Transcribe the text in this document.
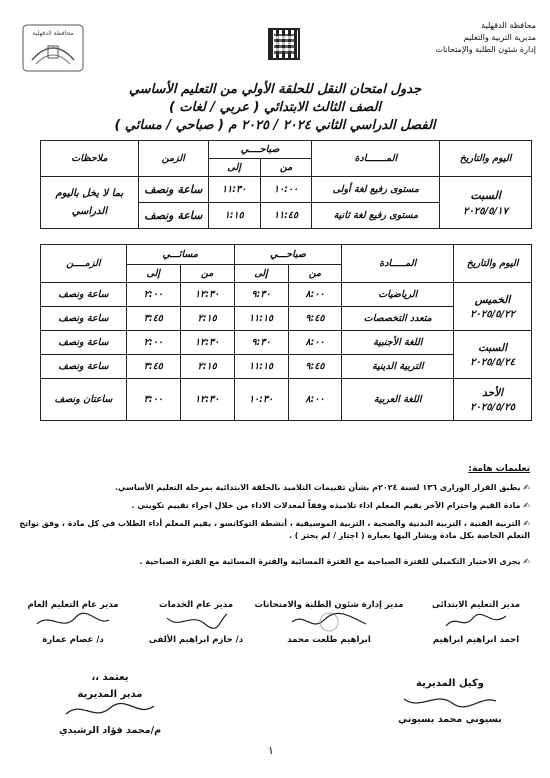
محافظة الدقهلية
مديرية التربية والتعليم
إدارة شئون الطلبة والإمتحانات
محافظة الدقهلية
جدول امتحان النقل للحلقة الأولي من التعليم الأساسي
الصف الثالث الابتدائي ( عربي / لغات )
الفصل الدراسي الثاني ٢٠٢٤ / ٢٠٢٥ م ( صباحي / مسائي )
اليوم والتاريخ	المـــــــادة	صباحــــي		الزمن	ملاحظات
		من	إلى		

السبت
٢٠٢٥/٥/١٧	مستوى رفيع لغة أولى	١٠:٠٠	١١:٣٠	ساعة ونصف	بما لا يخل باليوم الدراسي
	مستوى رفيع لغة ثانية	١١:٤٥	١:١٥	ساعة ونصف	
اليوم والتاريخ	المـــــادة	صباحـــي		مسائـــي		الزمــــن
		من	إلى	من	إلى	

الخميس
٢٠٢٥/٥/٢٢	الرياضيات	٨:٠٠	٩:٣٠	١٢:٣٠	٢:٠٠	ساعة ونصف
	متعدد التخصصات	٩:٤٥	١١:١٥	٢:١٥	٣:٤٥	ساعة ونصف

السبت
٢٠٢٥/٥/٢٤	اللغة الأجنبية	٨:٠٠	٩:٣٠	١٢:٣٠	٢:٠٠	ساعة ونصف
	التربية الدينية	٩:٤٥	١١:١٥	٢:١٥	٣:٤٥	ساعة ونصف

الأحد
٢٠٢٥/٥/٢٥	اللغة العربية	٨:٠٠	١٠:٣٠	١٢:٣٠	٣:٠٠	ساعتان ونصف
تعليمات هامة:
✍ يطبق القرار الوزارى ١٣٦ لسنة ٢٠٢٤م بشأن تقييمات التلاميذ بالحلقة الابتدائية بمرحلة التعليم الأساسي.
✍ مادة القيم واحترام الآخر يقيم المعلم اداء تلاميذه وفقاً لمعدلات الاداء من خلال اجراء تقييم تكويني .
✍ التربية الفنية ، التربية البدنية والصحية ، التربية الموسيقية ، أنشطة التوكاتسو ، يقيم المعلم أداء الطلاب في كل مادة ، وفق نواتج التعلم الخاصة بكل مادة ويشار اليها بعبارة ( اجتاز / لم يجتز ) .
✍ يجرى الاختبار التكميلي للفترة الصباحية مع الفترة المسائية والفترة المسائية مع الفترة الصباحية .
مدير التعليم الابتدائى
احمد ابراهيم ابراهيم
مدير إدارة شئون الطلبة والامتحانات
ابراهيم طلعت محمد
مدير عام الخدمات
د/ حازم ابراهيم الألفى
مدير عام التعليم العام
د/ عصام عمارة
يعتمد ،،
مدير المديرية
م/محمد فؤاد الرشيدي
وكيل المديرية
بسيوني محمد بسيوني
١
